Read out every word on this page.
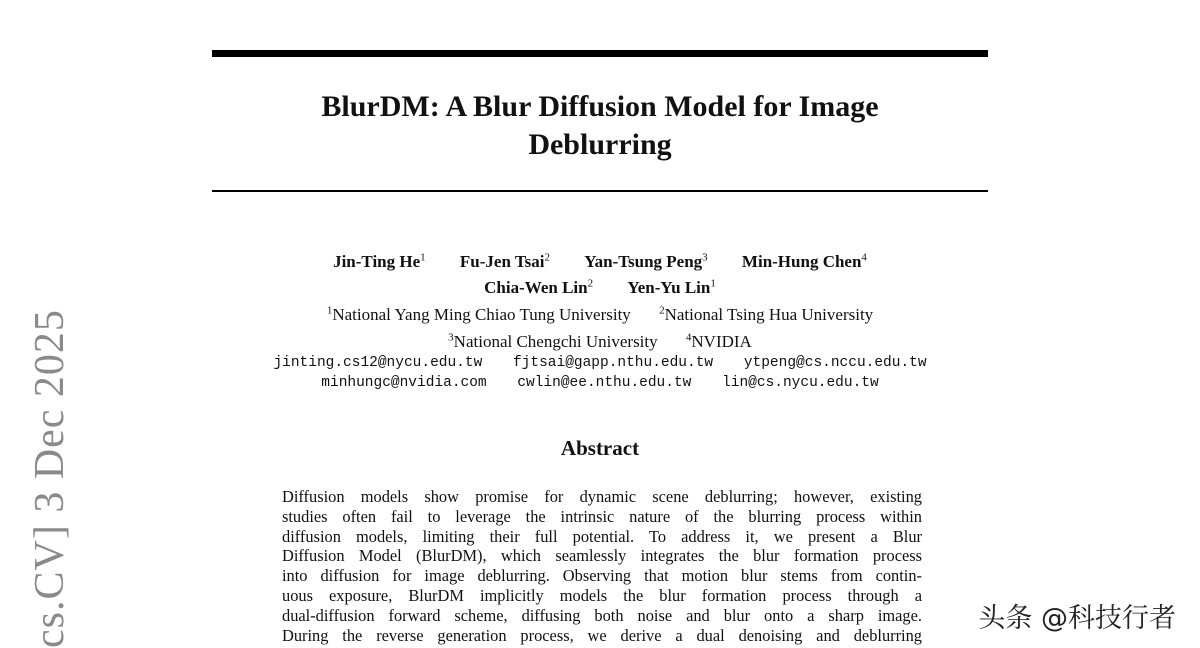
cs.CV] 3 Dec 2025
BlurDM: A Blur Diffusion Model for Image
Deblurring
Jin-Ting He$^1$ Fu-Jen Tsai$^2$ Yan-Tsung Peng$^3$ Min-Hung Chen$^4$
Chia-Wen Lin$^2$ Yen-Yu Lin$^1$
$^1$National Yang Ming Chiao Tung University	$^2$National Tsing Hua University
$^3$National Chengchi University	$^4$NVIDIA
jinting.cs12@nycu.edu.tw fjtsai@gapp.nthu.edu.tw ytpeng@cs.nccu.edu.tw
minhungc@nvidia.com cwlin@ee.nthu.edu.tw lin@cs.nycu.edu.tw
Abstract
Diffusion models show promise for dynamic scene deblurring; however, existing
studies often fail to leverage the intrinsic nature of the blurring process within
diffusion models, limiting their full potential. To address it, we present a Blur
Diffusion Model (BlurDM), which seamlessly integrates the blur formation process
into diffusion for image deblurring. Observing that motion blur stems from contin-
uous exposure, BlurDM implicitly models the blur formation process through a
dual-diffusion forward scheme, diffusing both noise and blur onto a sharp image.
During the reverse generation process, we derive a dual denoising and deblurring
头条 @科技行者
